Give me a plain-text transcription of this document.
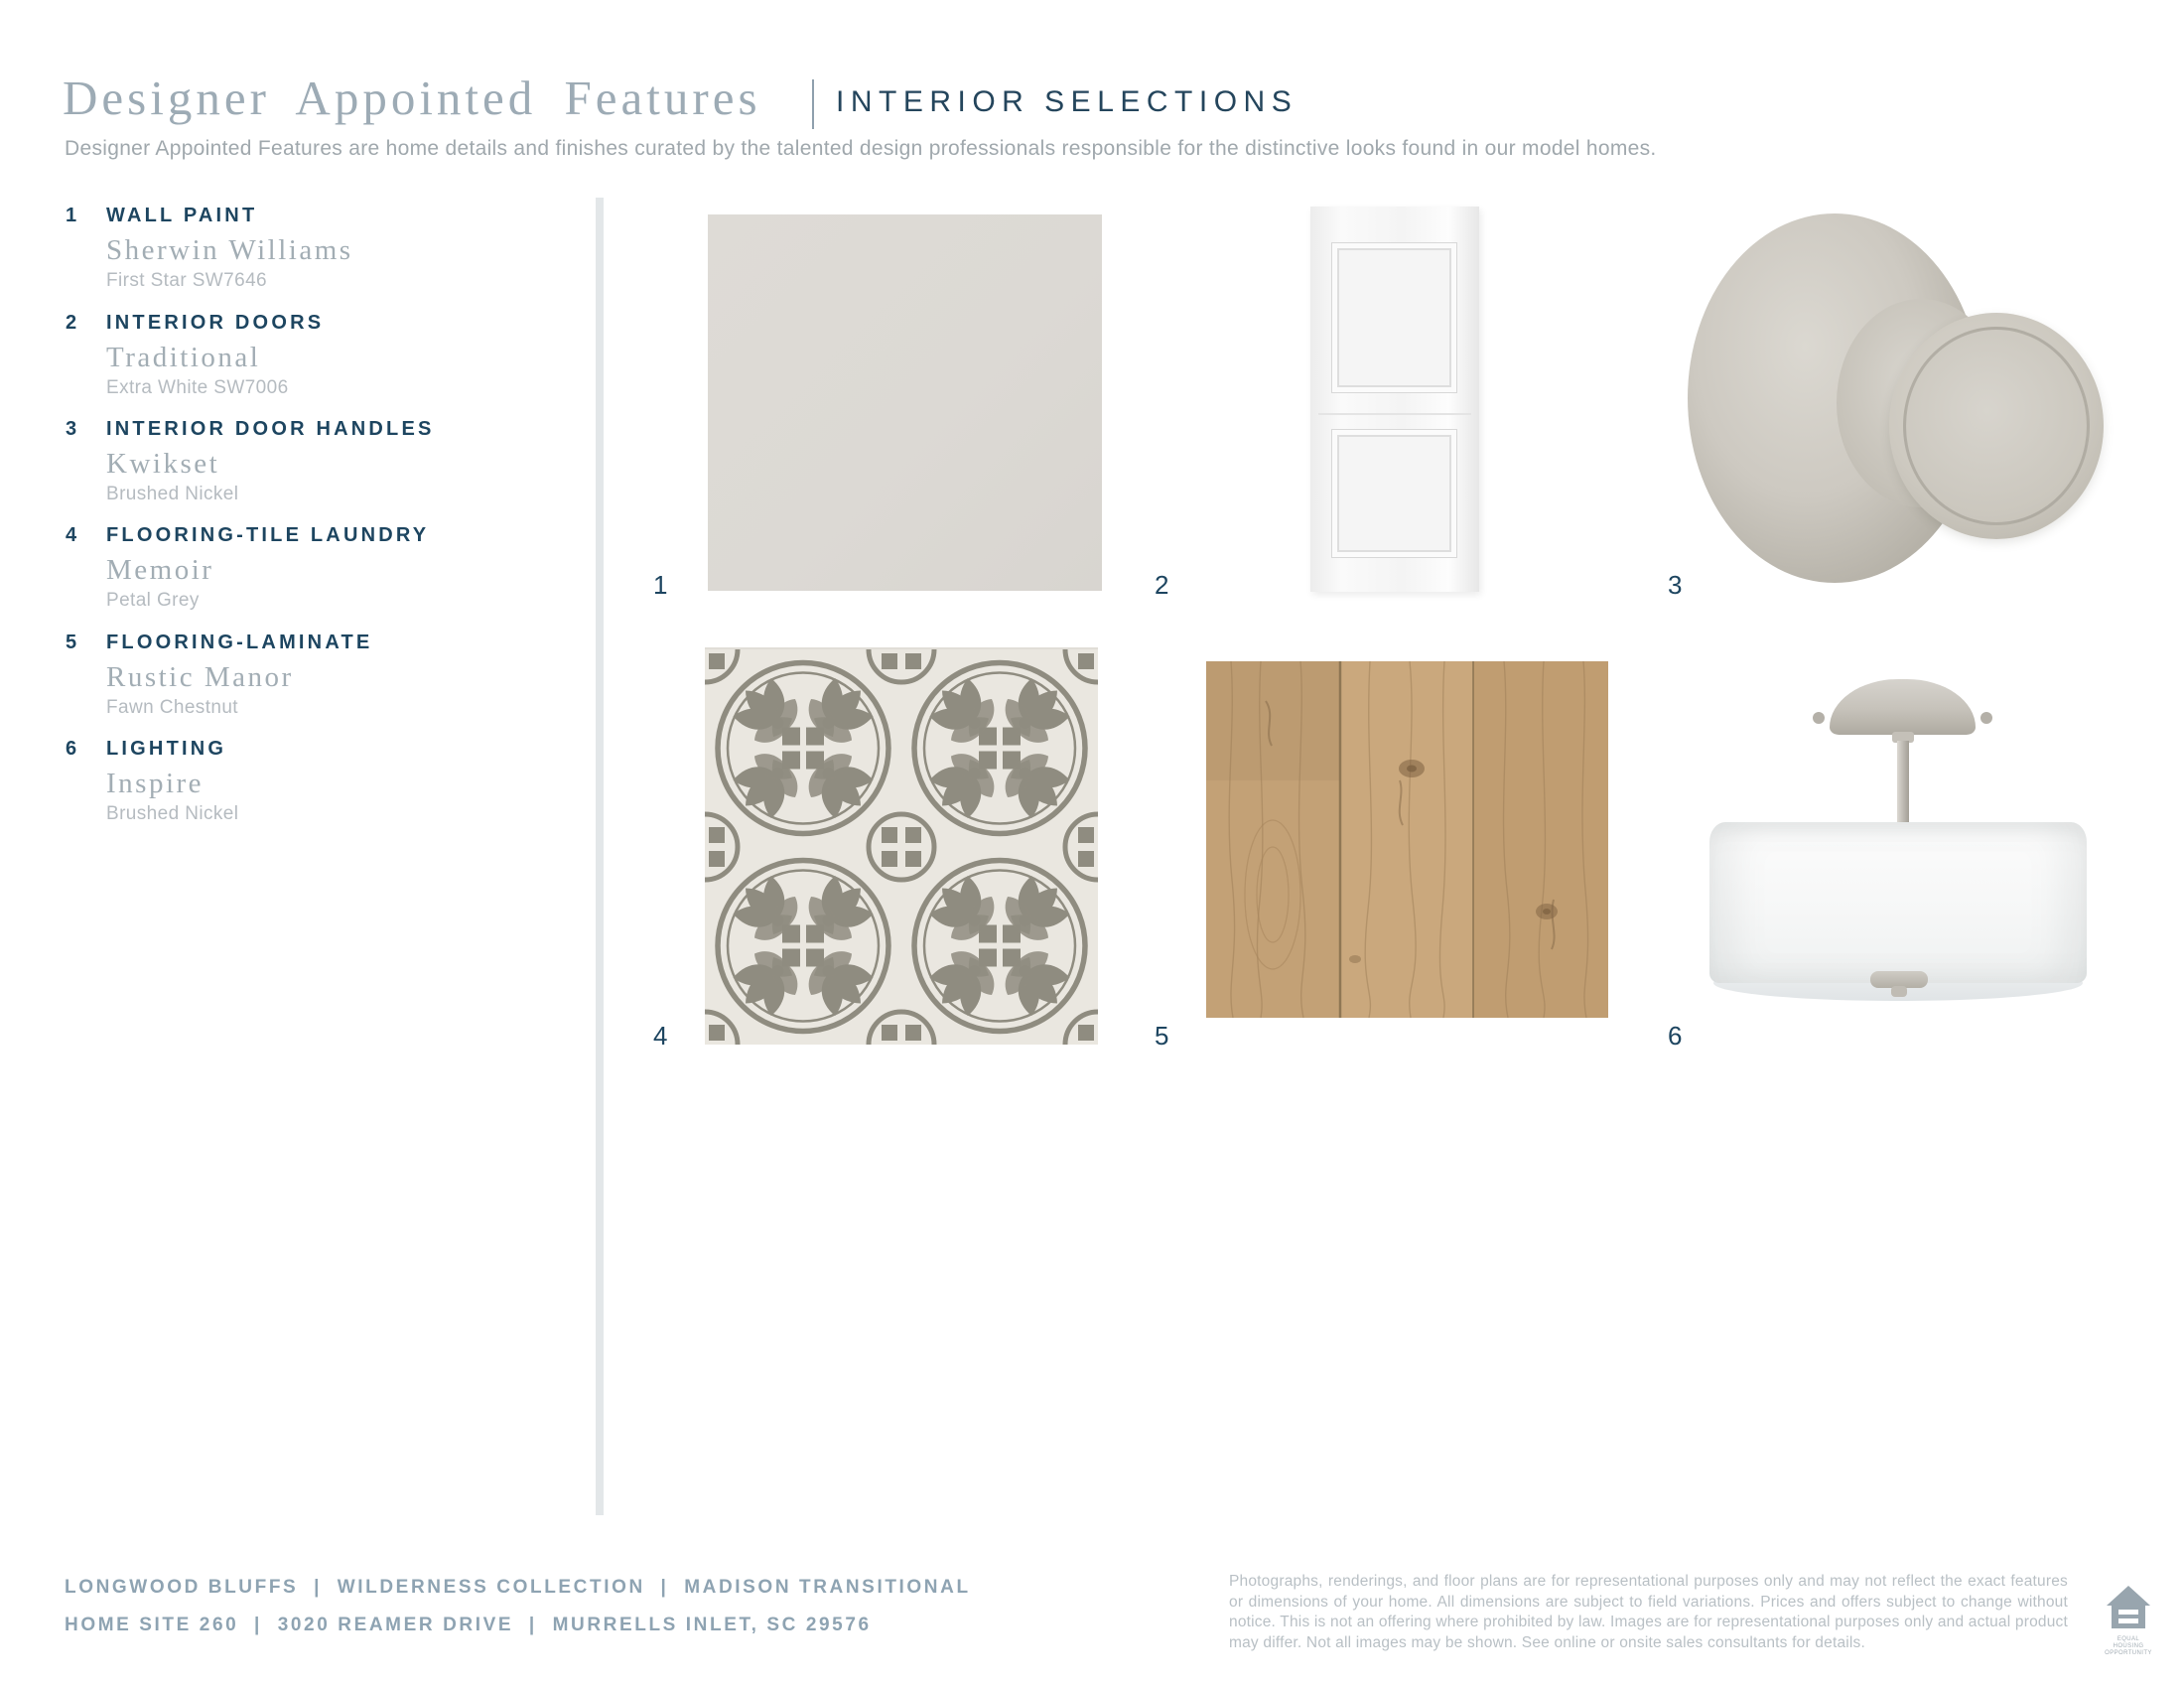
Designer Appointed Features	INTERIOR SELECTIONS
Designer Appointed Features are home details and finishes curated by the talented design professionals responsible for the distinctive looks found in our model homes.
1 WALL PAINT
Sherwin Williams
First Star SW7646
2 INTERIOR DOORS
Traditional
Extra White SW7006
3 INTERIOR DOOR HANDLES
Kwikset
Brushed Nickel
4 FLOORING-TILE LAUNDRY
Memoir
Petal Grey
5 FLOORING-LAMINATE
Rustic Manor
Fawn Chestnut
6 LIGHTING
Inspire
Brushed Nickel
1	2	3
4	5	6
LONGWOOD BLUFFS  |  WILDERNESS COLLECTION  |  MADISON TRANSITIONAL
HOME SITE 260  |  3020 REAMER DRIVE  |  MURRELLS INLET, SC 29576
Photographs, renderings, and floor plans are for representational purposes only and may not reflect the exact features or dimensions of your home. All dimensions are subject to field variations. Prices and offers subject to change without notice. This is not an offering where prohibited by law. Images are for representational purposes only and actual product may differ. Not all images may be shown. See online or onsite sales consultants for details.	EQUAL HOUSING OPPORTUNITY
